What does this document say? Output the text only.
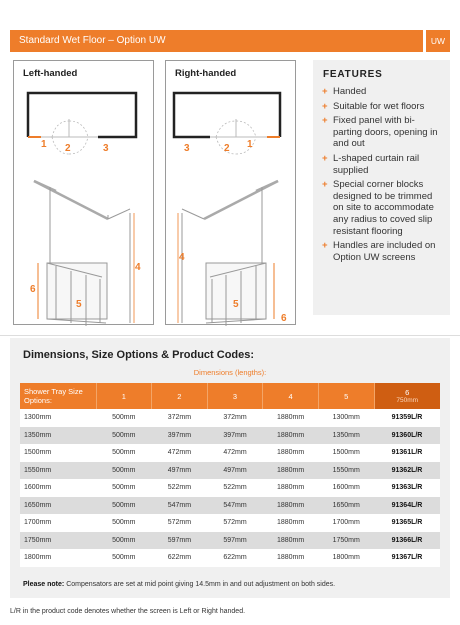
Standard Wet Floor – Option UW	UW
1 2	3
6
4
5
Left-handed
3	2 1
4
6
5
Right-handed	FEATURES
+ Handed
+ Suitable for wet floors
+ Fixed panel with bi-parting doors, opening in and out
+ L-shaped curtain rail supplied
+ Special corner blocks designed to be trimmed on site to accommodate any radius to coved slip resistant flooring
+ Handles are included on Option UW screens
Dimensions, Size Options & Product Codes:
Dimensions (lengths):
Shower Tray Size Options:	1	2	3	4	5	6
750mm

1300mm	500mm	372mm	372mm	1880mm	1300mm	91359L/R
1350mm	500mm	397mm	397mm	1880mm	1350mm	91360L/R
1500mm	500mm	472mm	472mm	1880mm	1500mm	91361L/R
1550mm	500mm	497mm	497mm	1880mm	1550mm	91362L/R
1600mm	500mm	522mm	522mm	1880mm	1600mm	91363L/R
1650mm	500mm	547mm	547mm	1880mm	1650mm	91364L/R
1700mm	500mm	572mm	572mm	1880mm	1700mm	91365L/R
1750mm	500mm	597mm	597mm	1880mm	1750mm	91366L/R
1800mm	500mm	622mm	622mm	1880mm	1800mm	91367L/R
Please note: Compensators are set at mid point giving 14.5mm in and out adjustment on both sides.
L/R in the product code denotes whether the screen is Left or Right handed.
